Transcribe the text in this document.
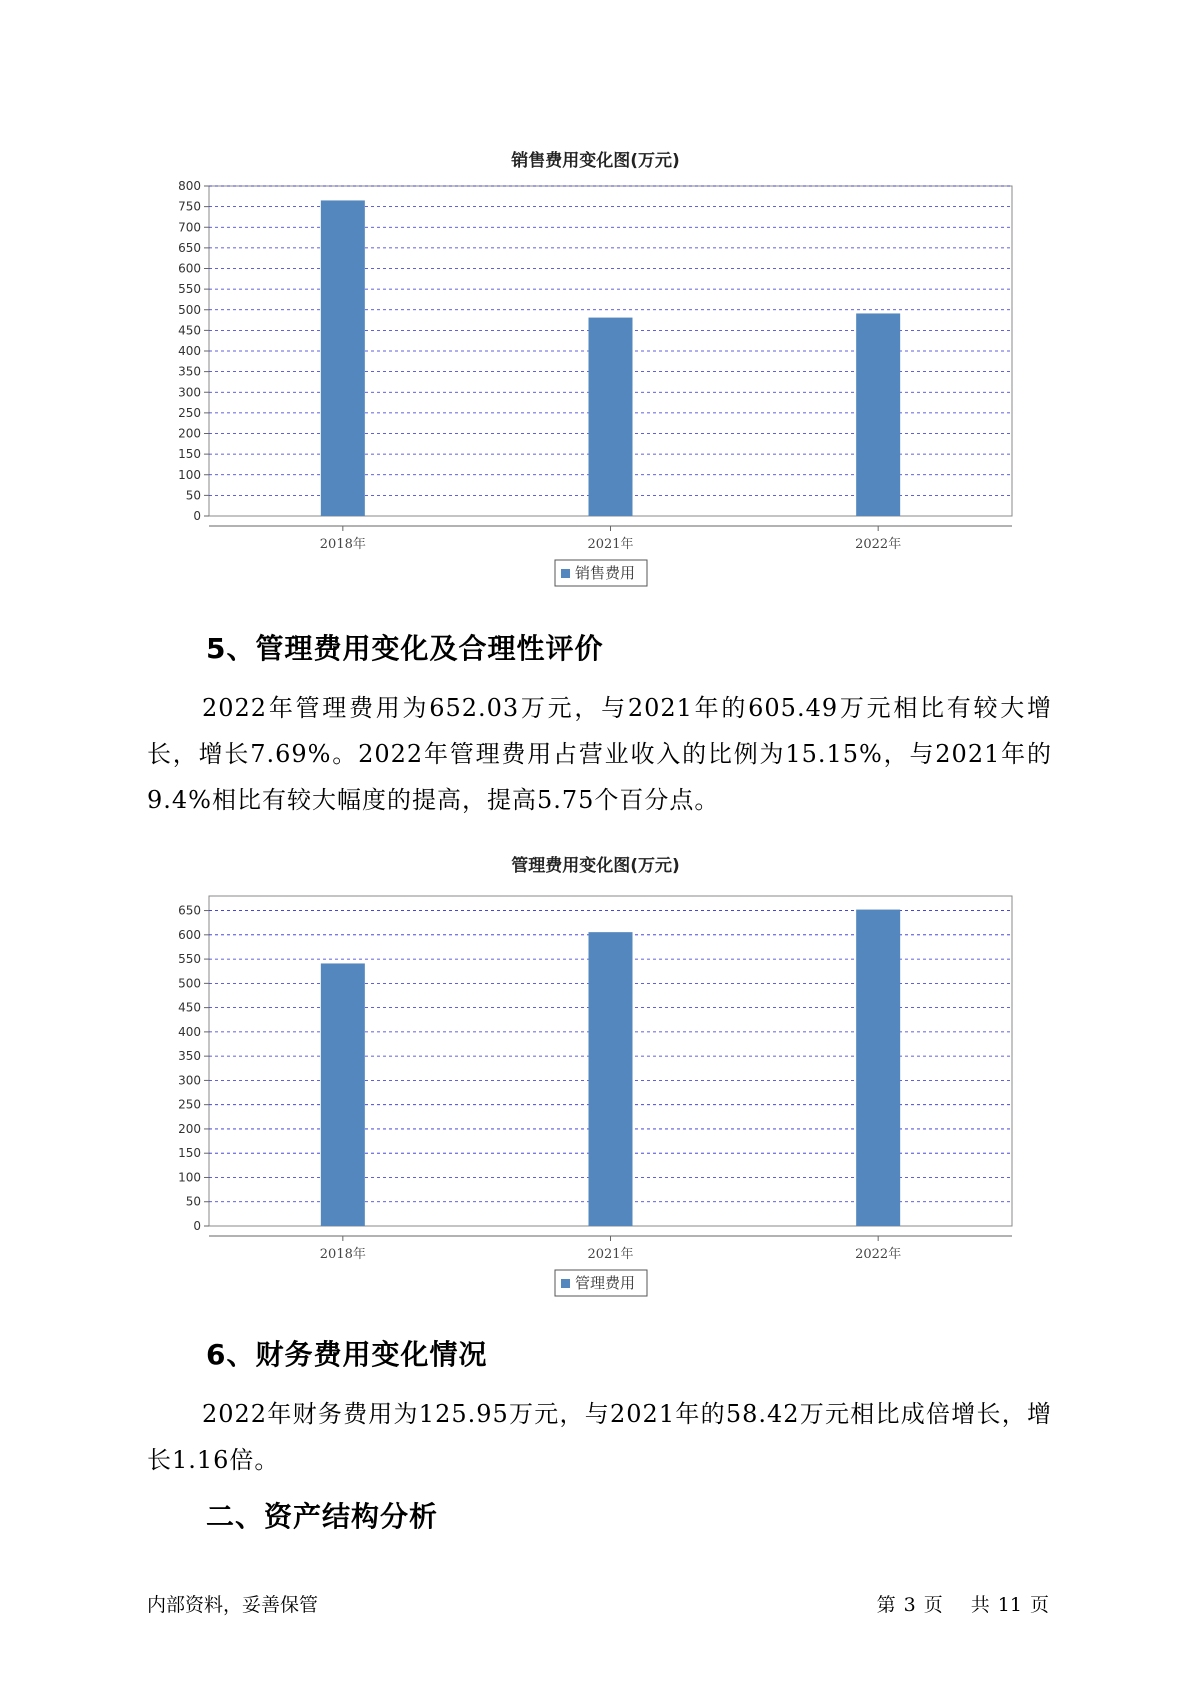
销售费用变化图(万元)
0
50
100
150
200
250
300
350
400
450
500
550
600
650
700
750
800
2018年	2021年	2022年
销售费用
5、管理费用变化及合理性评价
2022年管理费用为652.03万元，与2021年的605.49万元相比有较大增长，增长7.69%。2022年管理费用占营业收入的比例为15.15%，与2021年的9.4%相比有较大幅度的提高，提高5.75个百分点。
管理费用变化图(万元)
0
50
100
150
200
250
300
350
400
450
500
550
600
650
2018年	2021年	2022年
管理费用
6、财务费用变化情况
2022年财务费用为125.95万元，与2021年的58.42万元相比成倍增长，增长1.16倍。
二、资产结构分析
内部资料，妥善保管	第 3 页 共 11 页
